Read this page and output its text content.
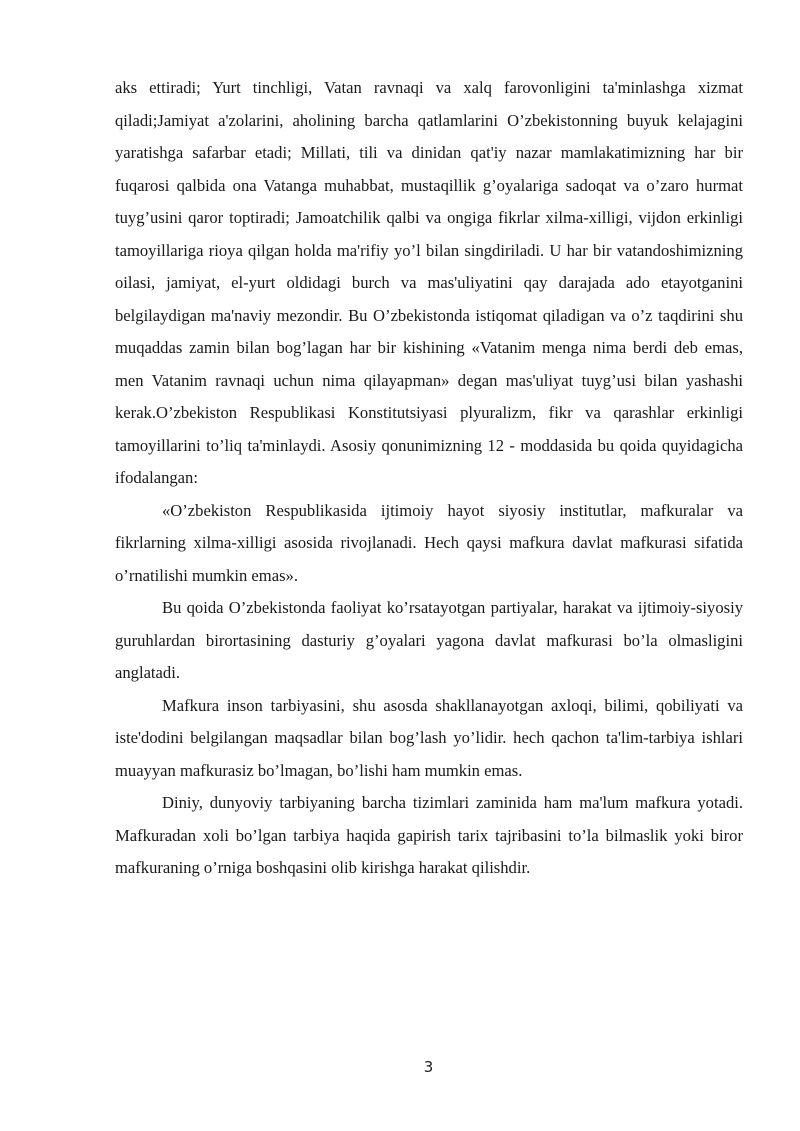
aks ettiradi; Yurt tinchligi, Vatan ravnaqi va xalq farovonligini ta'minlashga xizmat qiladi;Jamiyat a'zolarini, aholining barcha qatlamlarini O’zbekistonning buyuk kelajagini yaratishga safarbar etadi; Millati, tili va dinidan qat'iy nazar mamlakatimizning har bir fuqarosi qalbida ona Vatanga muhabbat, mustaqillik g’oyalariga sadoqat va o’zaro hurmat tuyg’usini qaror toptiradi; Jamoatchilik qalbi va ongiga fikrlar xilma-xilligi, vijdon erkinligi tamoyillariga rioya qilgan holda ma'rifiy yo’l bilan singdiriladi. U har bir vatandoshimizning oilasi, jamiyat, el-yurt oldidagi burch va mas'uliyatini qay darajada ado etayotganini belgilaydigan ma'naviy mezondir. Bu O’zbekistonda istiqomat qiladigan va o’z taqdirini shu muqaddas zamin bilan bog’lagan har bir kishining «Vatanim menga nima berdi deb emas, men Vatanim ravnaqi uchun nima qilayapman» degan mas'uliyat tuyg’usi bilan yashashi kerak.O’zbekiston Respublikasi Konstitutsiyasi plyuralizm, fikr va qarashlar erkinligi tamoyillarini to’liq ta'minlaydi. Asosiy qonunimizning 12 - moddasida bu qoida quyidagicha ifodalangan:

«O’zbekiston Respublikasida ijtimoiy hayot siyosiy institutlar, mafkuralar va fikrlarning xilma-xilligi asosida rivojlanadi. Hech qaysi mafkura davlat mafkurasi sifatida o’rnatilishi mumkin emas».

Bu qoida O’zbekistonda faoliyat ko’rsatayotgan partiyalar, harakat va ijtimoiy-siyosiy guruhlardan birortasining dasturiy g’oyalari yagona davlat mafkurasi bo’la olmasligini anglatadi.

Mafkura inson tarbiyasini, shu asosda shakllanayotgan axloqi, bilimi, qobiliyati va iste'dodini belgilangan maqsadlar bilan bog’lash yo’lidir. hech qachon ta'lim-tarbiya ishlari muayyan mafkurasiz bo’lmagan, bo’lishi ham mumkin emas.

Diniy, dunyoviy tarbiyaning barcha tizimlari zaminida ham ma'lum mafkura yotadi. Mafkuradan xoli bo’lgan tarbiya haqida gapirish tarix tajribasini to’la bilmaslik yoki biror mafkuraning o’rniga boshqasini olib kirishga harakat qilishdir.

3
